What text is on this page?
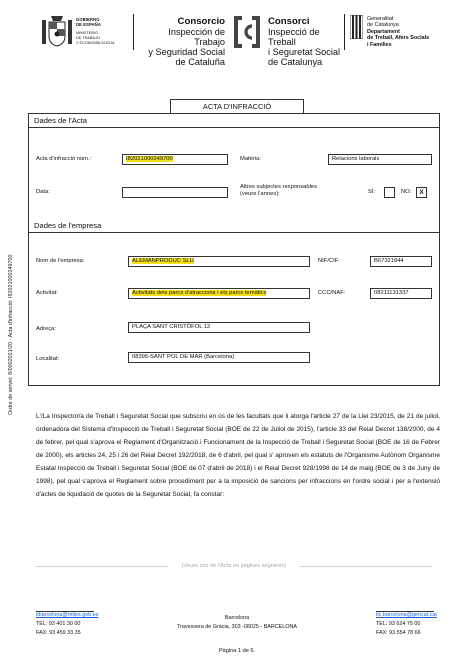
GOBIERNO
DE ESPAÑA
MINISTERIO
DE TRABAJO
Y ECONOMÍA SOCIAL
Consorcio
Inspección de Trabajo
y Seguridad Social
de Cataluña
Consorci
Inspecció de Treball
i Seguretat Social
de Catalunya
Generalitat
de Catalunya
Departament
de Treball, Afers Socials
i Famílies
Ordre de servei: 8/0002021/20 - Acta d'infracció: I82021000249700
ACTA D'INFRACCIÓ
Dades de l'Acta
Acta d'infracció núm.:	I82021000249700	Matèria:	Relacions laborals
Data:
Altres subjectes responsables (veure l'annex):	SÍ:	NO:	X
Dades de l'empresa
Nom de l'empresa:	ALEMANPRODUC SLU	NIF/CIF:	B67321844
Activitat:	Activitats dels parcs d'atraccions i els parcs temàtics	CCC/NAF:	08211131337
Adreça:	PLAÇA SANT CRISTÒFOL 12
Localitat:	08395-SANT POL DE MAR (Barcelona)
L'/La Inspector/a de Treball i Seguretat Social que subscriu en ús de les facultats que li atorga l'article 27 de la Llei 23/2015, de 21 de juliol, ordenadora del Sistema d'Inspecció de Treball i Seguretat Social (BOE de 22 de Juliol de 2015), l'article 33 del Reial Decret 138/2000, de 4 de febrer, pel qual s'aprova el Reglament d'Organització i Funcionament de la Inspecció de Treball i Seguretat Social (BOE de 16 de Febrer de 2000), els articles 24, 25 i 26 del Reial Decret 192/2018, de 6 d'abril, pel qual s' aproven els estatuts de l'Organisme Autònom Organisme Estatal Inspecció de Treball i Seguretat Social (BOE de 07 d'abril de 2018) i el Reial Decret 928/1998 de 14 de maig (BOE de 3 de Juny de 1998), pel qual s'aprova el Reglament sobre procediment per a la imposició de sancions per infraccions en l'ordre social i per a l'extensió d'actes de liquidació de quotes de la Seguretat Social, fa constar:
(Veure cos de l'Acta en pàgines següents)
itbarcelona@mites.gob.es
TEL: 93 401 30 00
FAX: 93 459 33 35
Barcelona
Travessera de Gràcia, 303 -08025 - BARCELONA
itc.barcelona@gencat.cat
TEL: 93 624 75 00
FAX: 93 554 78 66
Pàgina 1 de 6.
